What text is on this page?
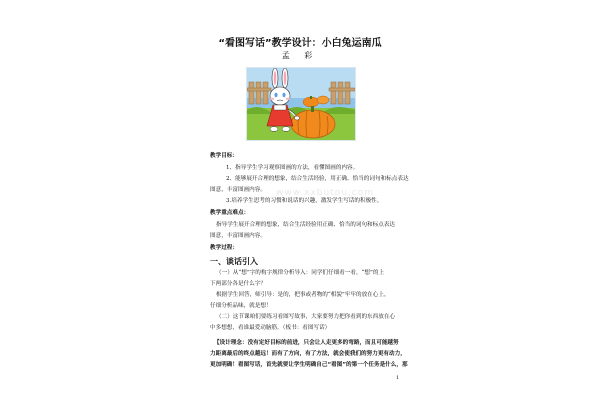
“看图写话”教学设计：小白兔运南瓜
孟 彩
教学目标：
1、指导学生学习观察图画的方法，看懂图画的内容。
2、能够展开合理的想象，结合生活经验，用正确、恰当的词句和标点表达
图意，丰富图画内容。
3.培养学生思考的习惯和说话的兴趣，激发学生写话的积极性。
教学重点难点：
指导学生展开合理的想象，结合生活经验用正确、恰当的词句和标点表达
图意，丰富图画内容。
教学过程：
一、谈话引入
（一）从“想”字的构字规律分析导入：同学们仔细看一看，“想”的上
下两部分各是什么字？
根据学生回答，师引导：是的，把事或者物的“相貌”牢牢的放在心上，
仔细分析品味，就是想！
（二）这节课咱们要练习看图写故事，大家要努力把你看到的东西放在心
中多想想，看谁最爱动脑筋。（板书：看图写话）
【设计理念：没有定好目标的前进，只会让人走更多的弯路，而且可能越努
力距离最后的终点越远！而有了方向，有了方法，就会使我们的努力更有动力，
更加明确！看图写话，首先就要让学生明确自己“看图”的第一个任务是什么，那
www.xxbutou.com
1
